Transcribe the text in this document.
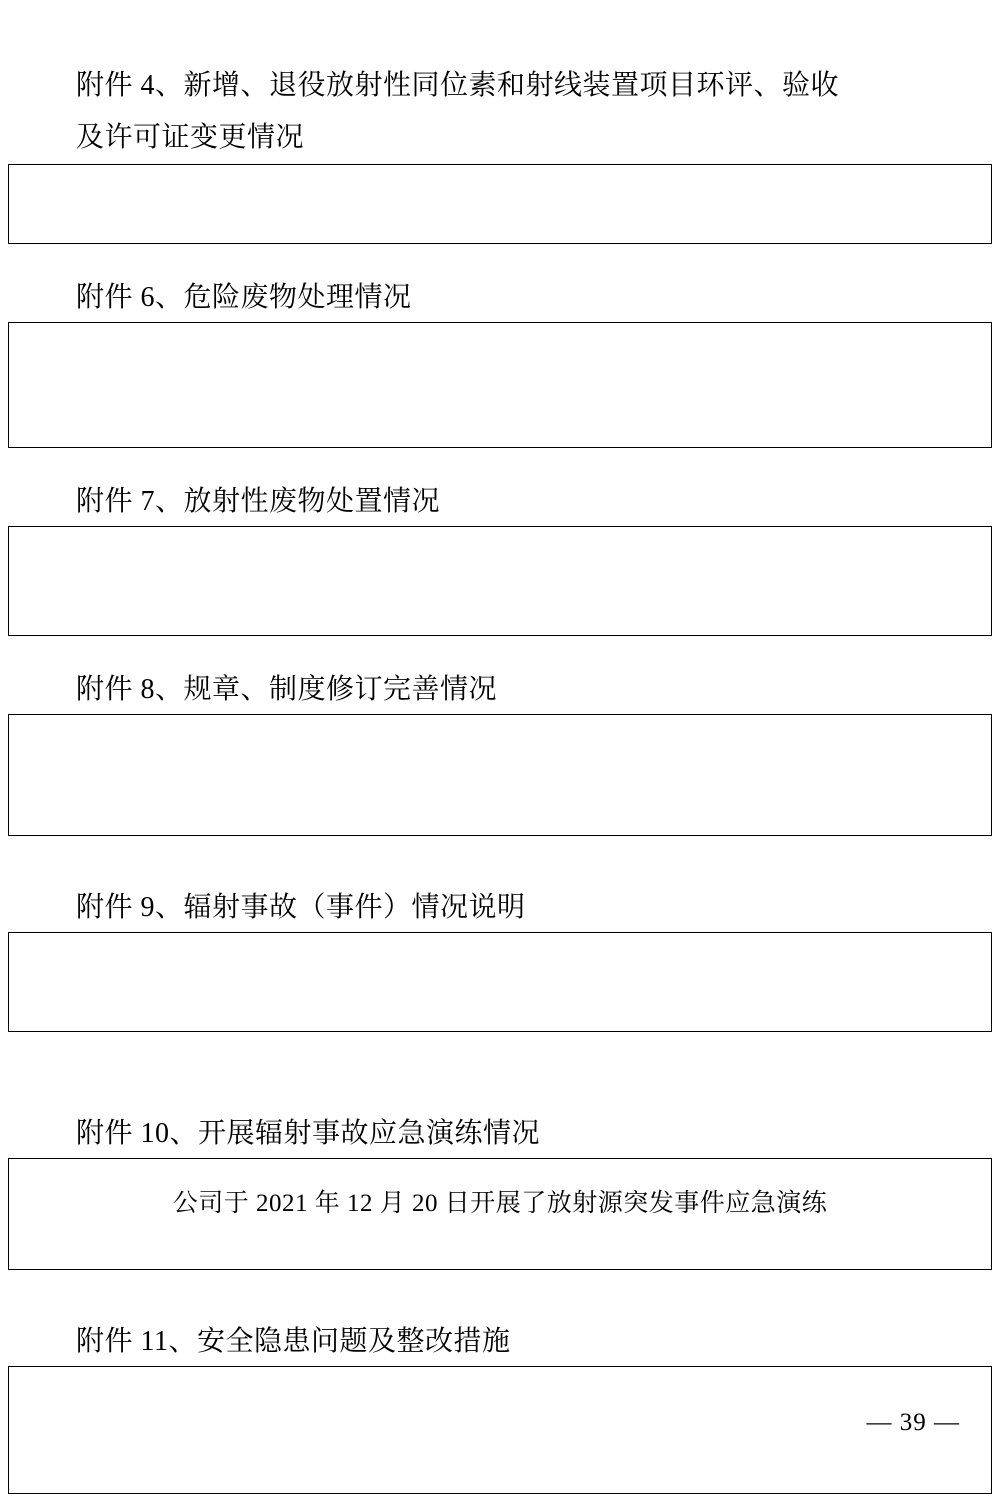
附件 4、新增、退役放射性同位素和射线装置项目环评、验收
及许可证变更情况
附件 6、危险废物处理情况
附件 7、放射性废物处置情况
附件 8、规章、制度修订完善情况
附件 9、辐射事故（事件）情况说明
附件 10、开展辐射事故应急演练情况
公司于 2021 年 12 月 20 日开展了放射源突发事件应急演练
附件 11、安全隐患问题及整改措施
— 39 —
